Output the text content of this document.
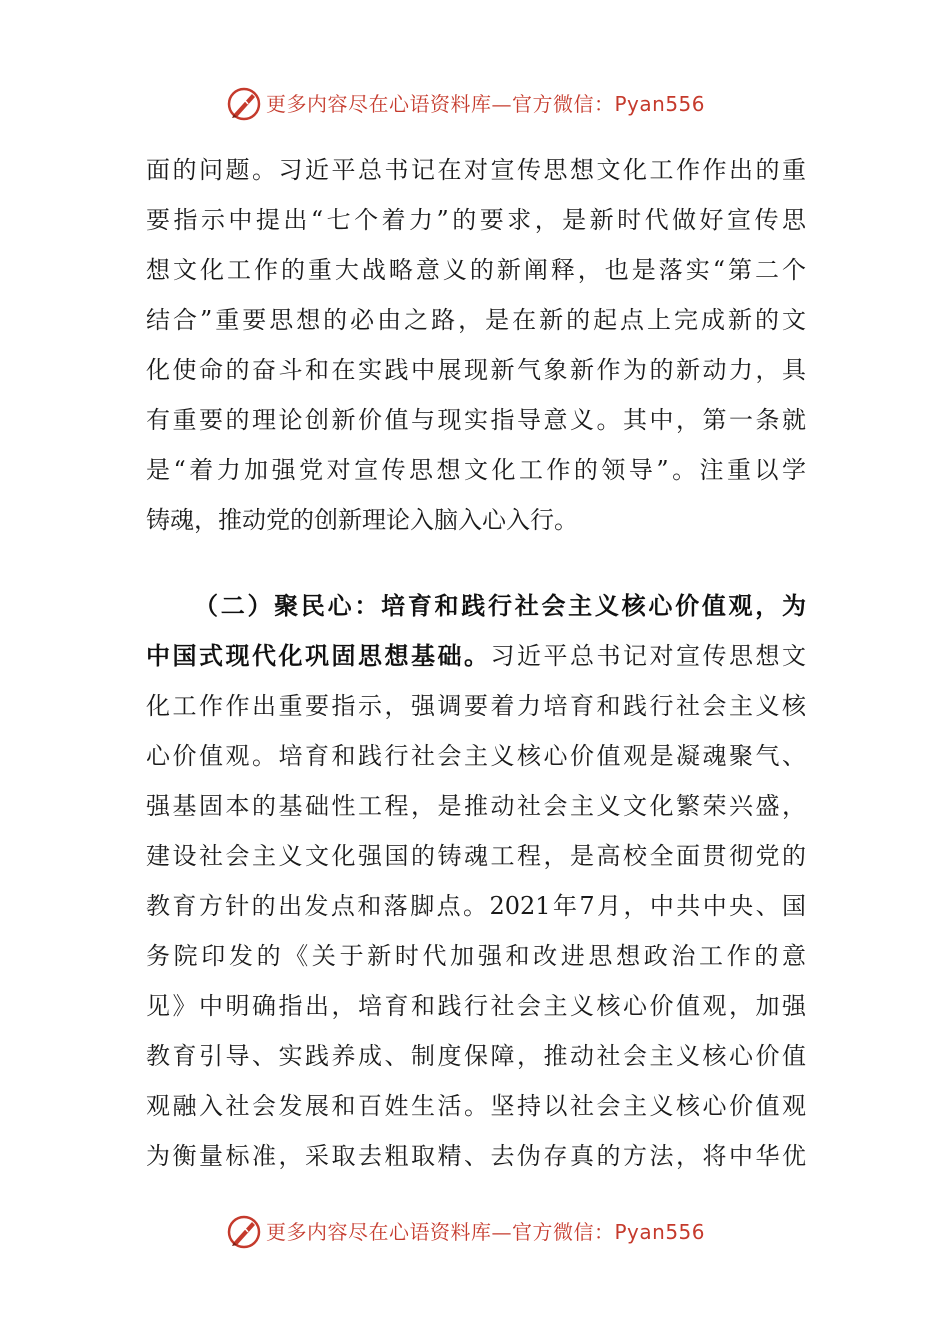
更多内容尽在心语资料库—官方微信：Pyan556
面的问题。习近平总书记在对宣传思想文化工作作出的重
要指示中提出“七个着力”的要求，是新时代做好宣传思
想文化工作的重大战略意义的新阐释，也是落实“第二个
结合”重要思想的必由之路，是在新的起点上完成新的文
化使命的奋斗和在实践中展现新气象新作为的新动力，具
有重要的理论创新价值与现实指导意义。其中，第一条就
是“着力加强党对宣传思想文化工作的领导”。注重以学
铸魂，推动党的创新理论入脑入心入行。
（二）聚民心：培育和践行社会主义核心价值观，为
中国式现代化巩固思想基础。习近平总书记对宣传思想文
化工作作出重要指示，强调要着力培育和践行社会主义核
心价值观。培育和践行社会主义核心价值观是凝魂聚气、
强基固本的基础性工程，是推动社会主义文化繁荣兴盛，
建设社会主义文化强国的铸魂工程，是高校全面贯彻党的
教育方针的出发点和落脚点。2021年7月，中共中央、国
务院印发的《关于新时代加强和改进思想政治工作的意
见》中明确指出，培育和践行社会主义核心价值观，加强
教育引导、实践养成、制度保障，推动社会主义核心价值
观融入社会发展和百姓生活。坚持以社会主义核心价值观
为衡量标准，采取去粗取精、去伪存真的方法，将中华优
更多内容尽在心语资料库—官方微信：Pyan556
